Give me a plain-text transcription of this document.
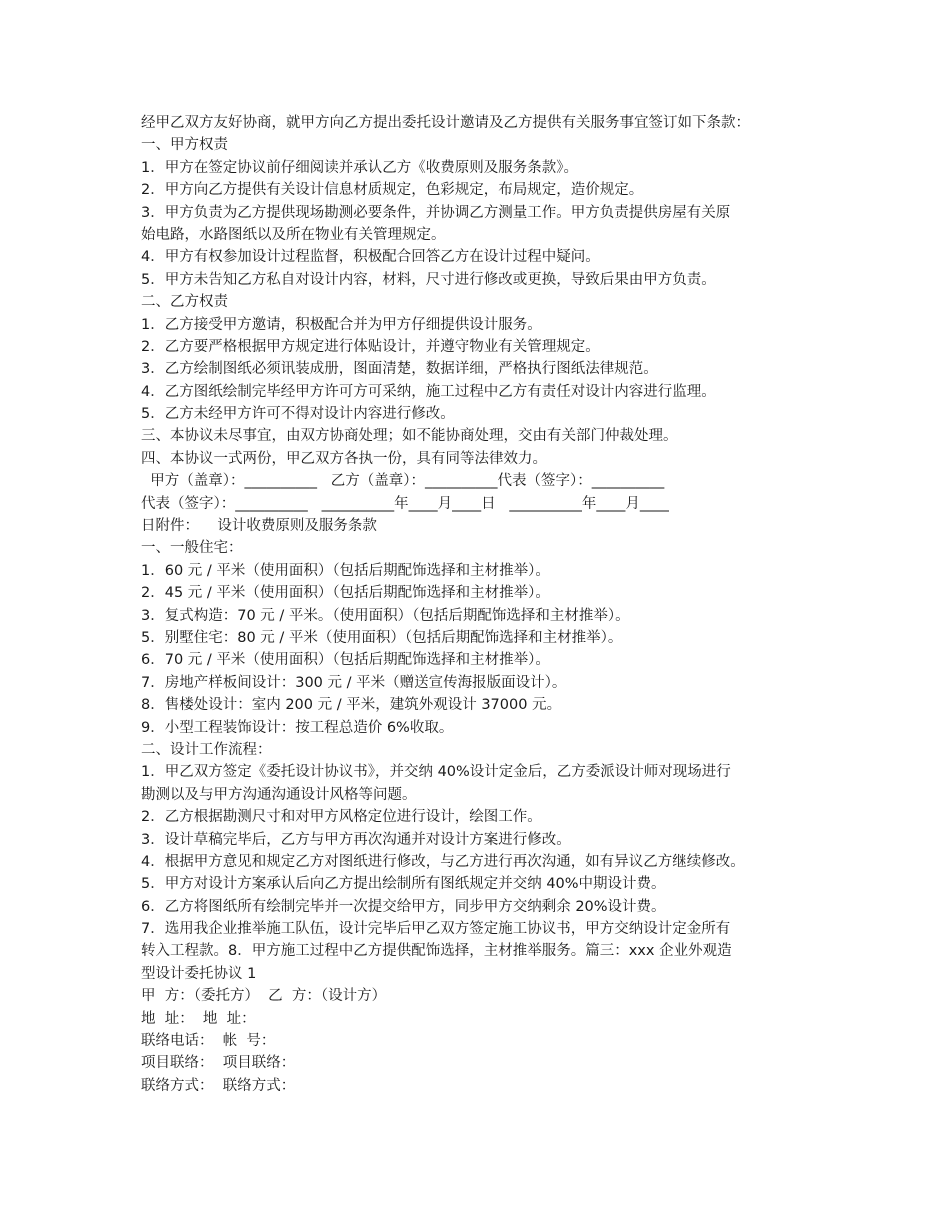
经甲乙双方友好协商，就甲方向乙方提出委托设计邀请及乙方提供有关服务事宜签订如下条款：
一、甲方权责
1．甲方在签定协议前仔细阅读并承认乙方《收费原则及服务条款》。
2．甲方向乙方提供有关设计信息材质规定，色彩规定，布局规定，造价规定。
3．甲方负责为乙方提供现场勘测必要条件，并协调乙方测量工作。甲方负责提供房屋有关原
始电路，水路图纸以及所在物业有关管理规定。
4．甲方有权参加设计过程监督，积极配合回答乙方在设计过程中疑问。
5．甲方未告知乙方私自对设计内容，材料，尺寸进行修改或更换，导致后果由甲方负责。
二、乙方权责
1．乙方接受甲方邀请，积极配合并为甲方仔细提供设计服务。
2．乙方要严格根据甲方规定进行体贴设计，并遵守物业有关管理规定。
3．乙方绘制图纸必须讯装成册，图面清楚，数据详细，严格执行图纸法律规范。
4．乙方图纸绘制完毕经甲方许可方可采纳，施工过程中乙方有责任对设计内容进行监理。
5．乙方未经甲方许可不得对设计内容进行修改。
三、本协议未尽事宜，由双方协商处理；如不能协商处理，交由有关部门仲裁处理。
四、本协议一式两份，甲乙双方各执一份，具有同等法律效力。
甲方（盖章）：__________   乙方（盖章）：__________代表（签字）：__________
代表（签字）：__________   __________年____月____日   __________年____月____
日附件：    设计收费原则及服务条款
一、一般住宅：
1．60 元 / 平米（使用面积）（包括后期配饰选择和主材推举）。
2．45 元 / 平米（使用面积）（包括后期配饰选择和主材推举）。
3．复式构造：70 元 / 平米。（使用面积）（包括后期配饰选择和主材推举）。
5．别墅住宅：80 元 / 平米（使用面积）（包括后期配饰选择和主材推举）。
6．70 元 / 平米（使用面积）（包括后期配饰选择和主材推举）。
7．房地产样板间设计：300 元 / 平米（赠送宣传海报版面设计）。
8．售楼处设计：室内 200 元 / 平米，建筑外观设计 37000 元。
9．小型工程装饰设计：按工程总造价 6%收取。
二、设计工作流程：
1．甲乙双方签定《委托设计协议书》，并交纳 40%设计定金后，乙方委派设计师对现场进行
勘测以及与甲方沟通沟通设计风格等问题。
2．乙方根据勘测尺寸和对甲方风格定位进行设计，绘图工作。
3．设计草稿完毕后，乙方与甲方再次沟通并对设计方案进行修改。
4．根据甲方意见和规定乙方对图纸进行修改，与乙方进行再次沟通，如有异议乙方继续修改。
5．甲方对设计方案承认后向乙方提出绘制所有图纸规定并交纳 40%中期设计费。
6．乙方将图纸所有绘制完毕并一次提交给甲方，同步甲方交纳剩余 20%设计费。
7．选用我企业推举施工队伍，设计完毕后甲乙双方签定施工协议书，甲方交纳设计定金所有
转入工程款。8．甲方施工过程中乙方提供配饰选择，主材推举服务。篇三：xxx 企业外观造
型设计委托协议 1
甲  方：（委托方）  乙  方：（设计方）
地  址：  地  址：
联络电话：  帐  号：
项目联络：  项目联络：
联络方式：  联络方式：
